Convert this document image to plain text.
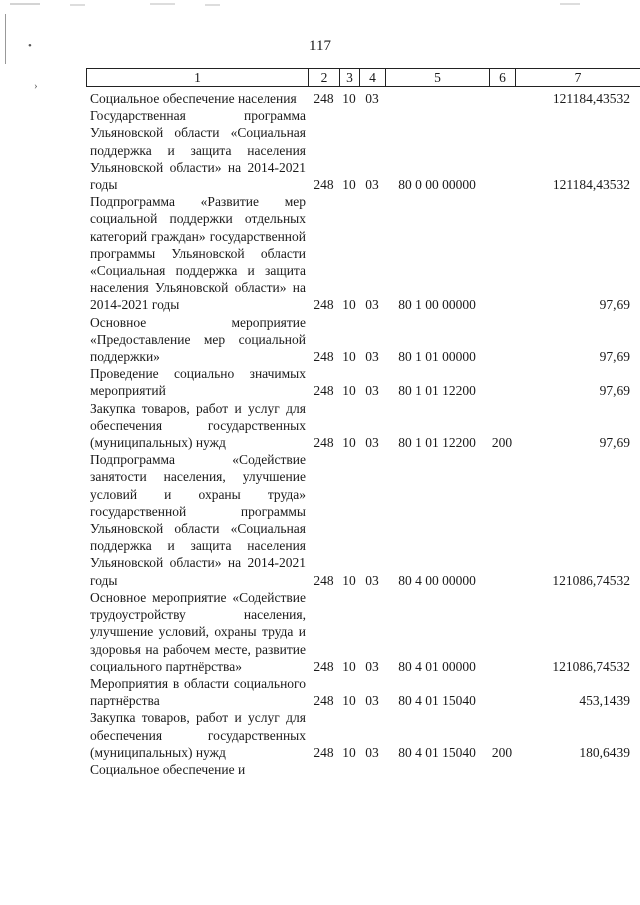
•
›
117
1	2	3	4	5	6	7
Социальное обеспечение населения	248 10 03	121184,43532
Государственная программа Ульяновской области «Социальная поддержка и защита населения Ульяновской области» на 2014-2021 годы	248 10 03	80 0 00 00000	121184,43532
Подпрограмма «Развитие мер социальной поддержки отдельных категорий граждан» государственной программы Ульяновской области «Социальная поддержка и защита населения Ульяновской области» на 2014-2021 годы	248 10 03	80 1 00 00000	97,69
Основное мероприятие «Предоставление мер социальной поддержки»	248 10 03	80 1 01 00000	97,69
Проведение социально значимых мероприятий	248 10 03	80 1 01 12200	97,69
Закупка товаров, работ и услуг для обеспечения государственных (муниципальных) нужд	248 10 03	80 1 01 12200	200	97,69
Подпрограмма «Содействие занятости населения, улучшение условий и охраны труда» государственной программы Ульяновской области «Социальная поддержка и защита населения Ульяновской области» на 2014-2021 годы	248 10 03	80 4 00 00000	121086,74532
Основное мероприятие «Содействие трудоустройству населения, улучшение условий, охраны труда и здоровья на рабочем месте, развитие социального партнёрства»	248 10 03	80 4 01 00000	121086,74532
Мероприятия в области социального партнёрства	248 10 03	80 4 01 15040	453,1439
Закупка товаров, работ и услуг для обеспечения государственных (муниципальных) нужд	248 10 03	80 4 01 15040	200	180,6439
Социальное обеспечение и
